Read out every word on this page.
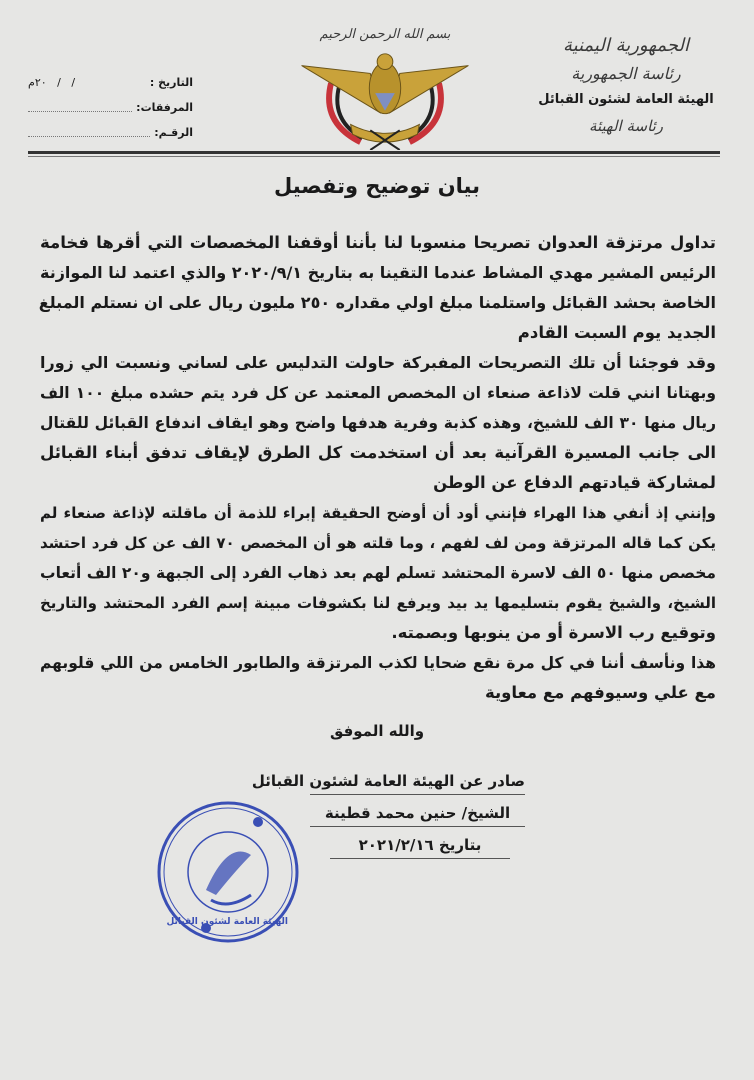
الجمهورية اليمنية
رئاسة الجمهورية
الهيئة العامة لشئون القبائل
رئاسة الهيئة
بسم الله الرحمن الرحيم
التاريخ :
/   /   ٢٠م
المرفقات:
الرقـم:
بيان توضيح وتفصيل
تداول مرتزقة العدوان تصريحا منسوبا لنا بأننا أوقفنا المخصصات التي أقرها فخامة
الرئيس المشير مهدي المشاط عندما التقينا به بتاريخ ٢٠٢٠/٩/١ والذي اعتمد لنا الموازنة
الخاصة بحشد القبائل واستلمنا مبلغ اولي مقداره ٢٥٠ مليون ريال على ان نستلم المبلغ
الجديد يوم السبت القادم
وقد فوجئنا أن تلك التصريحات المفبركة حاولت التدليس على لساني ونسبت الي زورا
وبهتانا انني قلت لاذاعة صنعاء ان المخصص المعتمد عن كل فرد يتم حشده مبلغ ١٠٠ الف
ريال منها ٣٠ الف للشيخ، وهذه كذبة وفرية هدفها واضح وهو ايقاف اندفاع القبائل للقتال
الى جانب المسيرة القرآنية بعد أن استخدمت كل الطرق لإيقاف تدفق أبناء القبائل
لمشاركة قيادتهم الدفاع عن الوطن
وإنني إذ أنفي هذا الهراء فإنني أود أن أوضح الحقيقة إبراء للذمة أن ماقلته لإذاعة صنعاء لم
يكن كما قاله المرتزقة ومن لف لفهم ، وما قلته هو أن المخصص ٧٠ الف عن كل فرد احتشد
مخصص منها ٥٠ الف لاسرة المحتشد تسلم لهم بعد ذهاب الفرد إلى الجبهة و٢٠ الف أتعاب
الشيخ، والشيخ يقوم بتسليمها يد بيد ويرفع لنا بكشوفات مبينة إسم الفرد المحتشد والتاريخ
وتوقيع رب الاسرة أو من ينوبها وبصمته.
هذا ونأسف أننا في كل مرة نقع ضحايا لكذب المرتزقة والطابور الخامس من اللي قلوبهم
مع علي وسيوفهم مع معاوية
والله الموفق
صادر عن الهيئة العامة لشئون القبائل
الشيخ/ حنين محمد قطينة
بتاريخ ٢٠٢١/٢/١٦
الهيئة العامة لشئون القبائل
